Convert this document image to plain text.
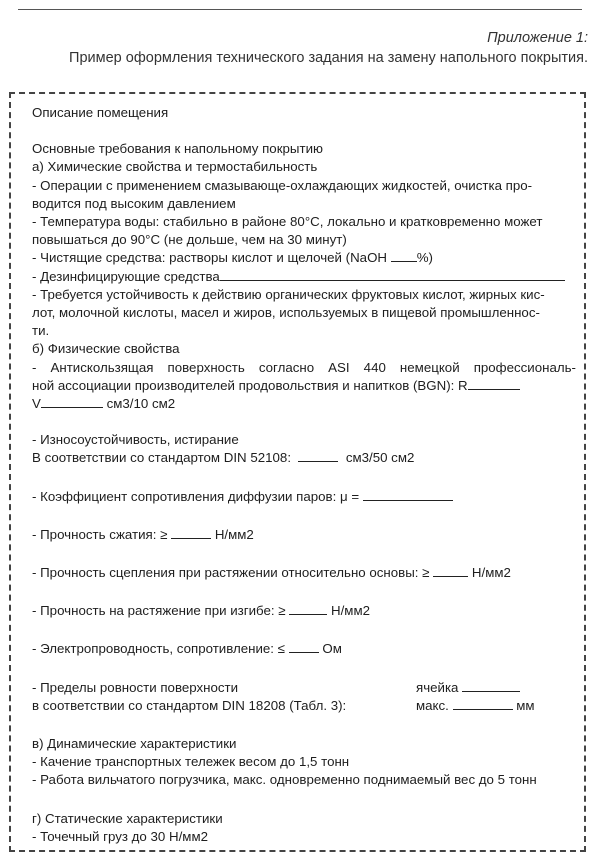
Приложение 1:
Пример оформления технического задания на замену напольного покрытия.
Описание помещения
Основные требования к напольному покрытию
а) Химические свойства и термостабильность
- Операции с применением смазывающе-охлаждающих жидкостей, очистка про-
водится под высоким давлением
- Температура воды: стабильно в районе 80°С, локально и кратковременно может
повышаться до 90°С (не дольше, чем на 30 минут)
- Чистящие средства: растворы кислот и щелочей (NaOH %)
- Дезинфицирующие средства
- Требуется устойчивость к действию органических фруктовых кислот, жирных кис-
лот, молочной кислоты, масел и жиров, используемых в пищевой промышленнос-
ти.
б) Физические свойства
- Антискользящая поверхность согласно ASI 440 немецкой профессиональ-
ной ассоциации производителей продовольствия и напитков (BGN): R
V	см3/10 см2
- Износоустойчивость, истирание
В соответствии со стандартом DIN 52108:	см3/50 см2
- Коэффициент сопротивления диффузии паров: μ =
- Прочность сжатия: ≥	Н/мм2
- Прочность сцепления при растяжении относительно основы: ≥	Н/мм2
- Прочность на растяжение при изгибе: ≥	Н/мм2
- Электропроводность, сопротивление: ≤	Ом
- Пределы ровности поверхности	ячейка
в соответствии со стандартом DIN 18208 (Табл. 3):	макс.	мм
в) Динамические характеристики
- Качение транспортных тележек весом до 1,5 тонн
- Работа вильчатого погрузчика, макс. одновременно поднимаемый вес до 5 тонн
г) Статические характеристики
- Точечный груз до 30 Н/мм2
